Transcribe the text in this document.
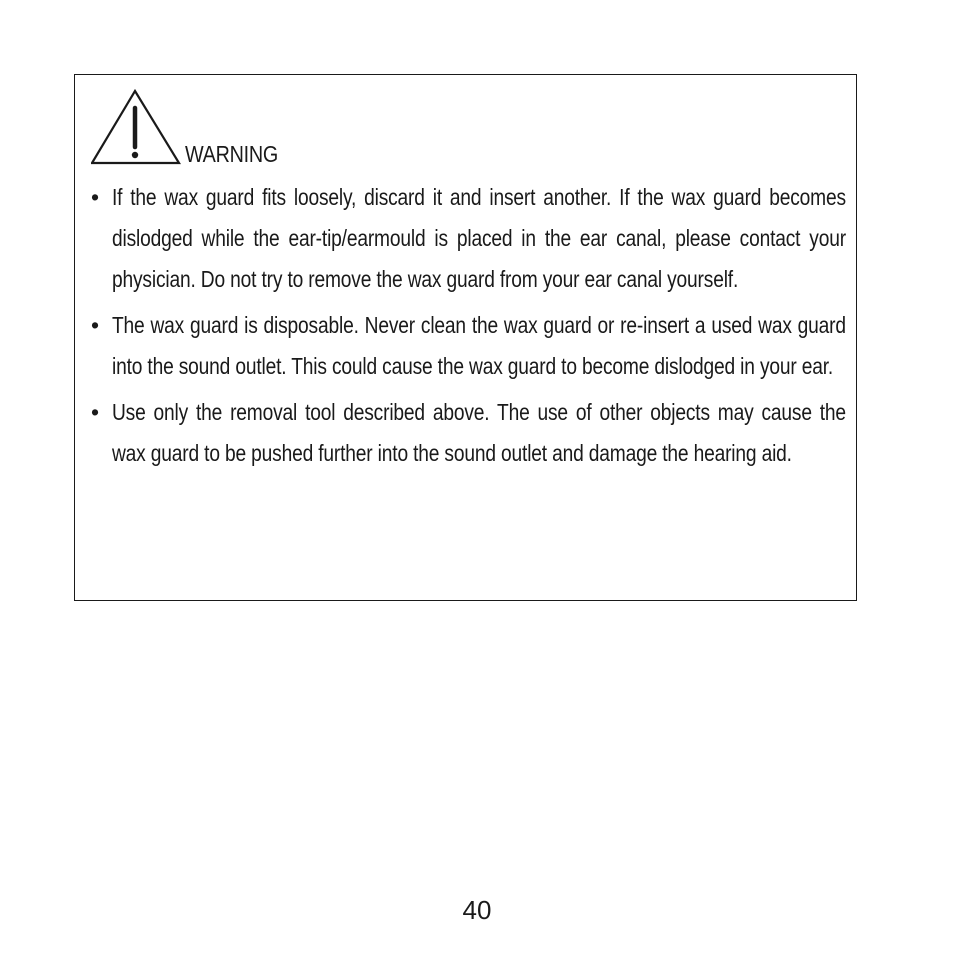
WARNING
• If the wax guard fits loosely, discard it and insert another. If the wax guard becomes dislodged while the ear-tip/earmould is placed in the ear canal, please contact your physician. Do not try to remove the wax guard from your ear canal yourself.
• The wax guard is disposable. Never clean the wax guard or re-insert a used wax guard into the sound outlet. This could cause the wax guard to become dislodged in your ear.
• Use only the removal tool described above. The use of other objects may cause the wax guard to be pushed further into the sound outlet and damage the hearing aid.
40
